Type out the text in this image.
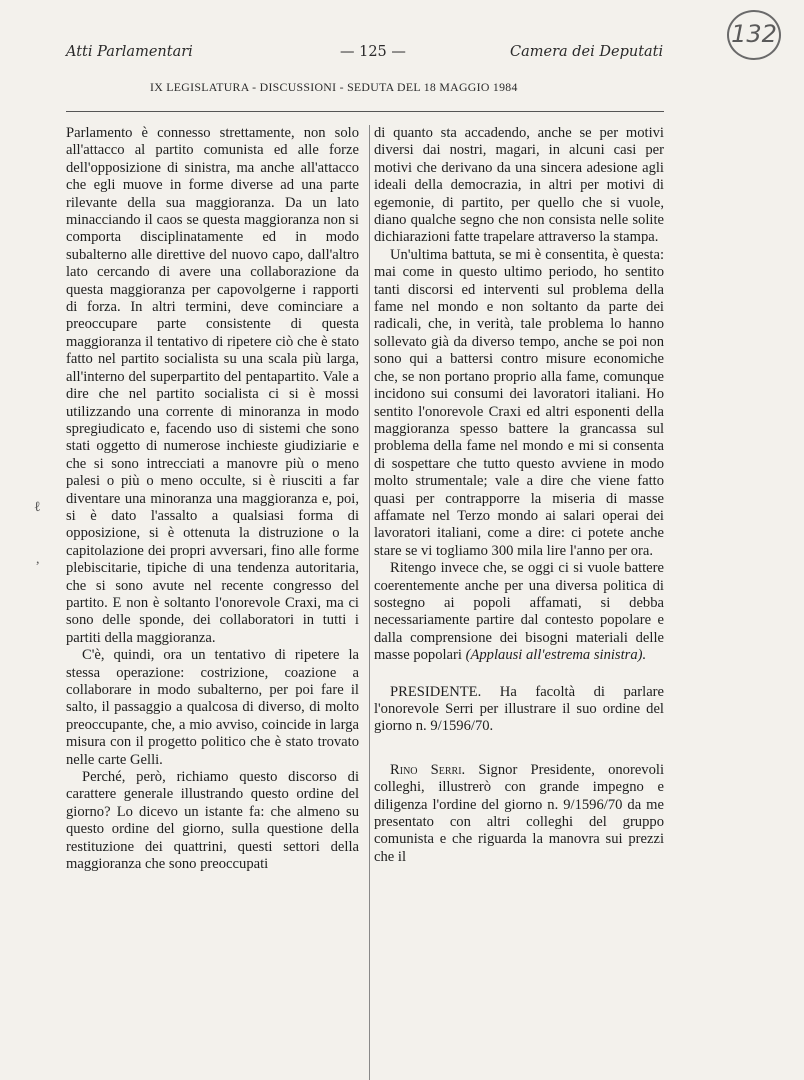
132
Atti Parlamentari	— 125 —	Camera dei Deputati
IX LEGISLATURA - DISCUSSIONI - SEDUTA DEL 18 MAGGIO 1984
ℓ
,

Parlamento è connesso strettamente, non solo all'attacco al partito comunista ed alle forze dell'opposizione di sinistra, ma anche all'attacco che egli muove in forme diverse ad una parte rilevante della sua maggioranza. Da un lato minacciando il caos se questa maggioranza non si comporta disciplinatamente ed in modo subalterno alle direttive del nuovo capo, dall'altro lato cercando di avere una collaborazione da questa maggioranza per capovolgerne i rapporti di forza. In altri termini, deve cominciare a preoccupare parte consistente di questa maggioranza il tentativo di ripetere ciò che è stato fatto nel partito socialista su una scala più larga, all'interno del superpartito del pentapartito. Vale a dire che nel partito socialista ci si è mossi utilizzando una corrente di minoranza in modo spregiudicato e, facendo uso di sistemi che sono stati oggetto di numerose inchieste giudiziarie e che si sono intrecciati a manovre più o meno palesi o più o meno occulte, si è riusciti a far diventare una minoranza una maggioranza e, poi, si è dato l'assalto a qualsiasi forma di opposizione, si è ottenuta la distruzione o la capitolazione dei propri avversari, fino alle forme plebiscitarie, tipiche di una tendenza autoritaria, che si sono avute nel recente congresso del partito. E non è soltanto l'onorevole Craxi, ma ci sono delle sponde, dei collaboratori in tutti i partiti della maggioranza.

C'è, quindi, ora un tentativo di ripetere la stessa operazione: costrizione, coazione a collaborare in modo subalterno, per poi fare il salto, il passaggio a qualcosa di diverso, di molto preoccupante, che, a mio avviso, coincide in larga misura con il progetto politico che è stato trovato nelle carte Gelli.

Perché, però, richiamo questo discorso di carattere generale illustrando questo ordine del giorno? Lo dicevo un istante fa: che almeno su questo ordine del giorno, sulla questione della restituzione dei quattrini, questi settori della maggioranza che sono preoccupati

di quanto sta accadendo, anche se per motivi diversi dai nostri, magari, in alcuni casi per motivi che derivano da una sincera adesione agli ideali della democrazia, in altri per motivi di egemonie, di partito, per quello che si vuole, diano qualche segno che non consista nelle solite dichiarazioni fatte trapelare attraverso la stampa.

Un'ultima battuta, se mi è consentita, è questa: mai come in questo ultimo periodo, ho sentito tanti discorsi ed interventi sul problema della fame nel mondo e non soltanto da parte dei radicali, che, in verità, tale problema lo hanno sollevato già da diverso tempo, anche se poi non sono qui a battersi contro misure economiche che, se non portano proprio alla fame, comunque incidono sui consumi dei lavoratori italiani. Ho sentito l'onorevole Craxi ed altri esponenti della maggioranza spesso battere la grancassa sul problema della fame nel mondo e mi si consenta di sospettare che tutto questo avviene in modo molto strumentale; vale a dire che viene fatto quasi per contrapporre la miseria di masse affamate nel Terzo mondo ai salari operai dei lavoratori italiani, come a dire: ci potete anche stare se vi togliamo 300 mila lire l'anno per ora.

Ritengo invece che, se oggi ci si vuole battere coerentemente anche per una diversa politica di sostegno ai popoli affamati, si debba necessariamente partire dal contesto popolare e dalla comprensione dei bisogni materiali delle masse popolari (Applausi all'estrema sinistra).

PRESIDENTE. Ha facoltà di parlare l'onorevole Serri per illustrare il suo ordine del giorno n. 9/1596/70.

Rino Serri. Signor Presidente, onorevoli colleghi, illustrerò con grande impegno e diligenza l'ordine del giorno n. 9/1596/70 da me presentato con altri colleghi del gruppo comunista e che riguarda la manovra sui prezzi che il
